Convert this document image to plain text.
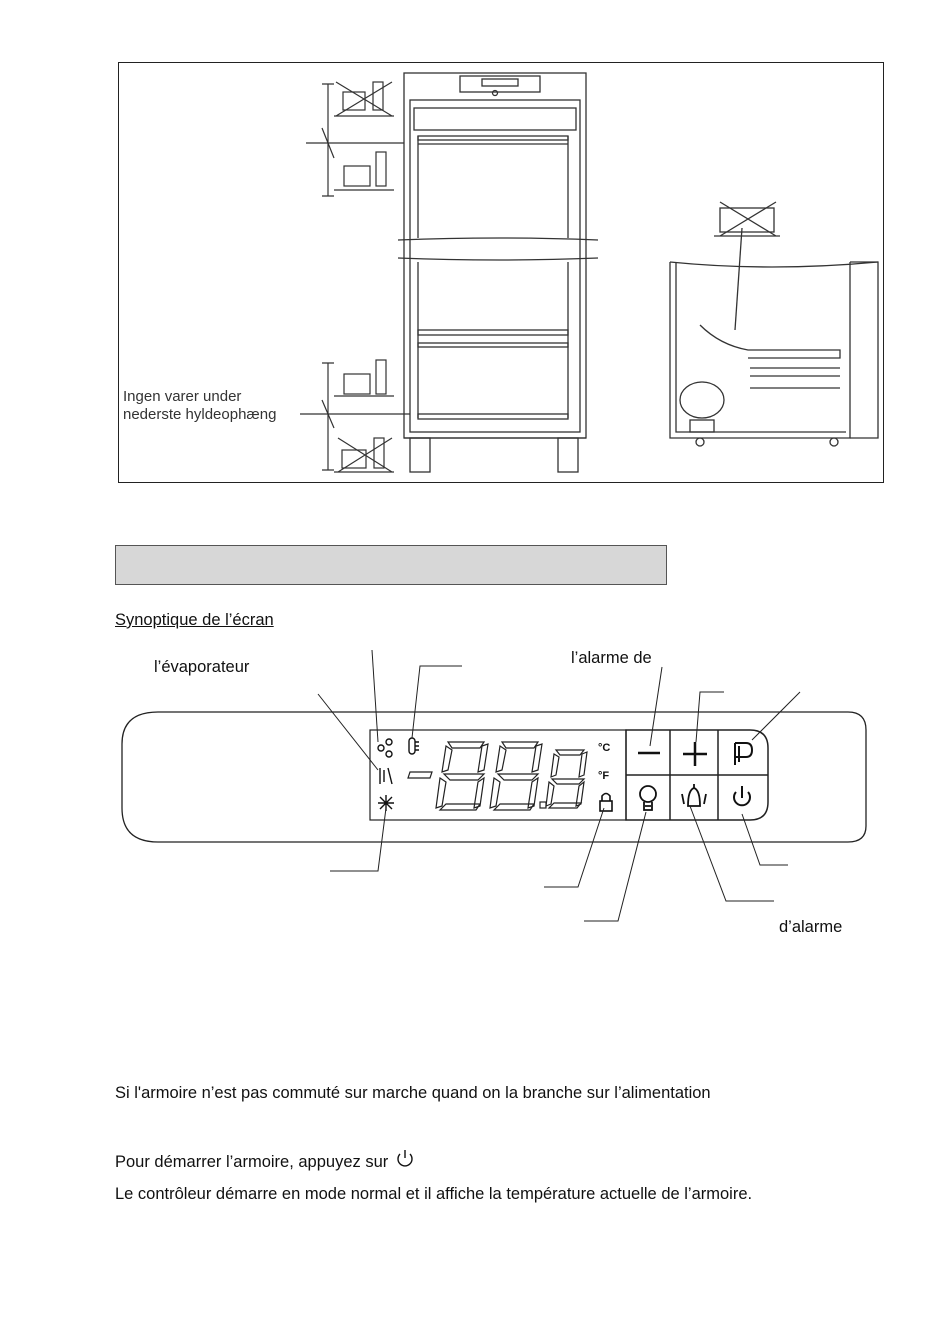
Ingen varer under
nederste hyldeophæng
Synoptique de l’écran
°C
°F
l’évaporateur	l’alarme de
d’alarme
Si l'armoire n’est pas commuté sur marche quand on la branche sur l’alimentation
Pour démarrer l’armoire, appuyez sur
Le contrôleur démarre en mode normal et il affiche la température actuelle de l’armoire.
